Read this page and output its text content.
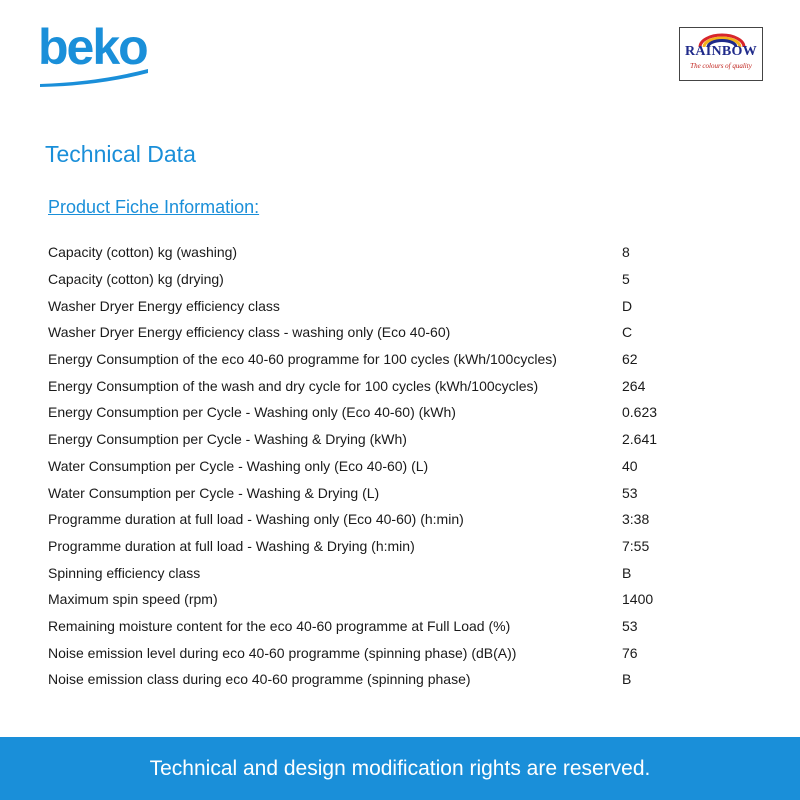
beko	RAINBOW
The colours of quality
Technical Data
Product Fiche Information:
Capacity (cotton) kg (washing)	8
Capacity (cotton) kg (drying)	5
Washer Dryer Energy efficiency class	D
Washer Dryer Energy efficiency class - washing only (Eco 40-60)	C
Energy Consumption of the eco 40-60 programme for 100 cycles (kWh/100cycles)	62
Energy Consumption of the wash and dry cycle for 100 cycles (kWh/100cycles)	264
Energy Consumption per Cycle - Washing only (Eco 40-60) (kWh)	0.623
Energy Consumption per Cycle - Washing & Drying (kWh)	2.641
Water Consumption per Cycle - Washing only (Eco 40-60) (L)	40
Water Consumption per Cycle - Washing & Drying (L)	53
Programme duration at full load - Washing only (Eco 40-60) (h:min)	3:38
Programme duration at full load - Washing & Drying (h:min)	7:55
Spinning efficiency class	B
Maximum spin speed (rpm)	1400
Remaining moisture content for the eco 40-60 programme at Full Load (%)	53
Noise emission level during eco 40-60 programme (spinning phase) (dB(A))	76
Noise emission class during eco 40-60 programme (spinning phase)	B
Technical and design modification rights are reserved.
